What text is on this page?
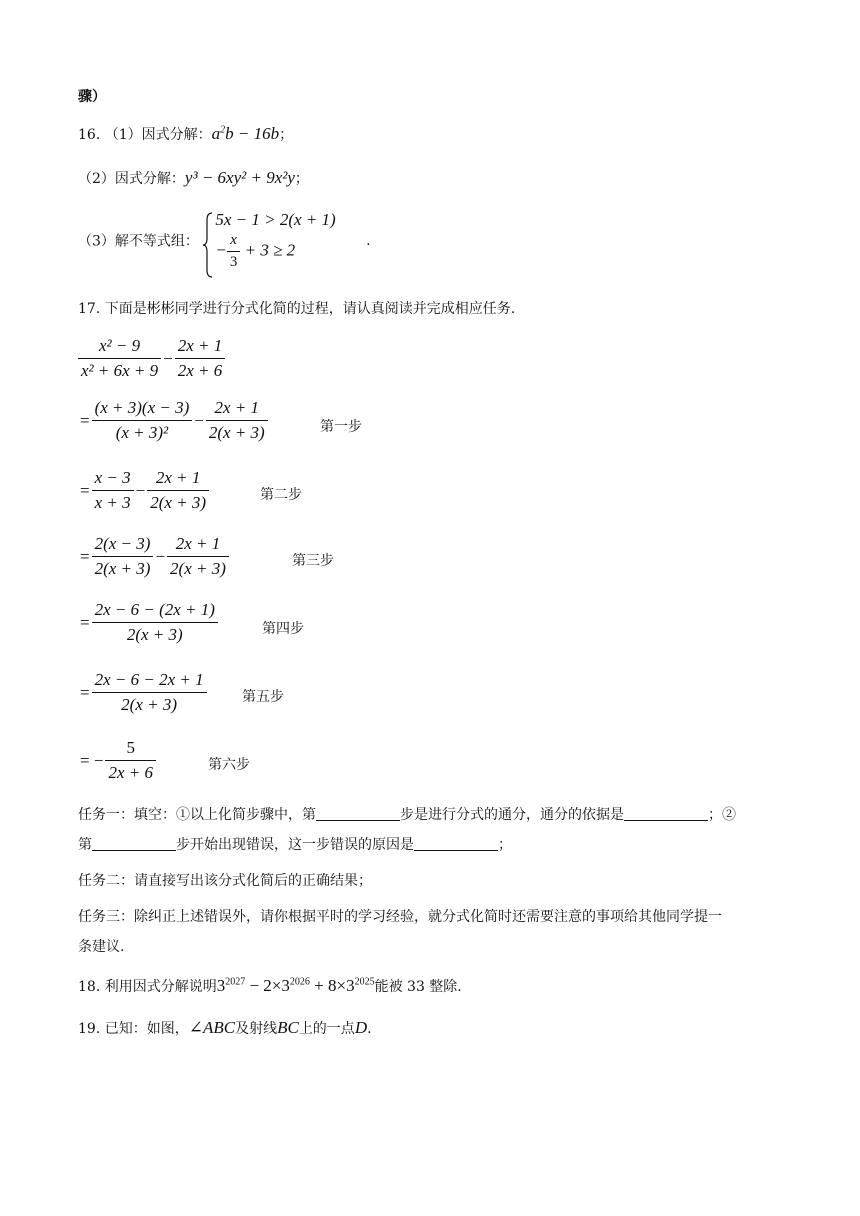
骤）
16. （1）因式分解：$a^2b - 16b$；
（2）因式分解：y³ − 6xy² + 9x²y；
（3）解不等式组：
5x − 1 > 2(x + 1)
− $\frac{x}{3} + 3 \ge 2$	.
17. 下面是彬彬同学进行分式化简的过程，请认真阅读并完成相应任务.
$\frac{\text{x² − 9}}{\text{x² + 6x + 9}} - \frac{2x + 1}{2x + 6}$
= $\frac{(x + 3)(x - 3)}{\text{(x + 3)²}} - \frac{2x + 1}{2(x + 3)}$	第一步
= $\frac{x - 3}{x + 3} - \frac{2x + 1}{2(x + 3)}$	第二步
= $\frac{2(x - 3)}{2(x + 3)} - \frac{2x + 1}{2(x + 3)}$	第三步
= $\frac{2x - 6 - (2x + 1)}{2(x + 3)}$	第四步
= $\frac{2x - 6 - 2x + 1}{2(x + 3)}$	第五步
= − $\frac{5}{2x + 6}$	第六步
任务一：填空：①以上化简步骤中，第	步是进行分式的通分，通分的依据是	；②
第	步开始出现错误，这一步错误的原因是	；
任务二：请直接写出该分式化简后的正确结果；
任务三：除纠正上述错误外，请你根据平时的学习经验，就分式化简时还需要注意的事项给其他同学提一
条建议.
18. 利用因式分解说明$3^{2027} - 2\times 3^{2026} + 8\times 3^{2025}$能被 33 整除.
19. 已知：如图，∠ABC及射线BC上的一点D.
